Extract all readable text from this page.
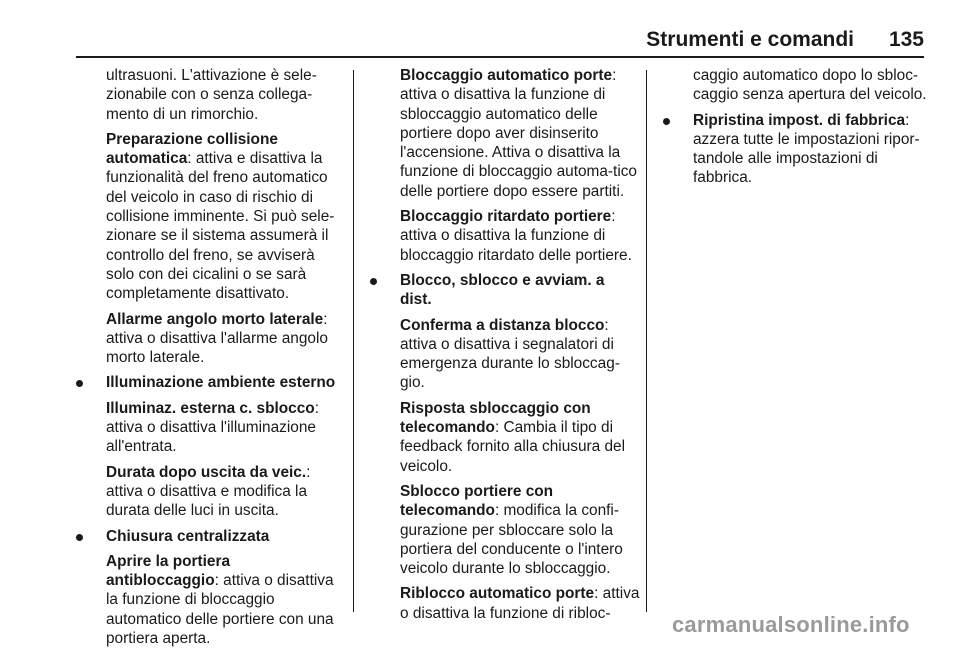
Strumenti e comandi 135

ultrasuoni. L'attivazione è sele-zionabile con o senza collega-mento di un rimorchio.

Preparazione collisione automatica: attiva e disattiva la funzionalità del freno automatico del veicolo in caso di rischio di collisione imminente. Si può sele-zionare se il sistema assumerà il controllo del freno, se avviserà solo con dei cicalini o se sarà completamente disattivato.

Allarme angolo morto laterale: attiva o disattiva l'allarme angolo morto laterale.

Illuminazione ambiente esterno

Illuminaz. esterna c. sblocco: attiva o disattiva l'illuminazione all'entrata.

Durata dopo uscita da veic.: attiva o disattiva e modifica la durata delle luci in uscita.

Chiusura centralizzata

Aprire la portiera antibloccaggio: attiva o disattiva la funzione di bloccaggio automatico delle portiere con una portiera aperta.

Bloccaggio automatico porte: attiva o disattiva la funzione di sbloccaggio automatico delle portiere dopo aver disinserito l'accensione. Attiva o disattiva la funzione di bloccaggio automa-tico delle portiere dopo essere partiti.

Bloccaggio ritardato portiere: attiva o disattiva la funzione di bloccaggio ritardato delle portiere.

Blocco, sblocco e avviam. a dist.

Conferma a distanza blocco: attiva o disattiva i segnalatori di emergenza durante lo sbloccag-gio.

Risposta sbloccaggio con telecomando: Cambia il tipo di feedback fornito alla chiusura del veicolo.

Sblocco portiere con telecomando: modifica la confi-gurazione per sbloccare solo la portiera del conducente o l'intero veicolo durante lo sbloccaggio.

Riblocco automatico porte: attiva o disattiva la funzione di ribloc-

caggio automatico dopo lo sbloc-caggio senza apertura del veicolo.

Ripristina impost. di fabbrica: azzera tutte le impostazioni ripor-tandole alle impostazioni di fabbrica.
carmanualsonline.info
